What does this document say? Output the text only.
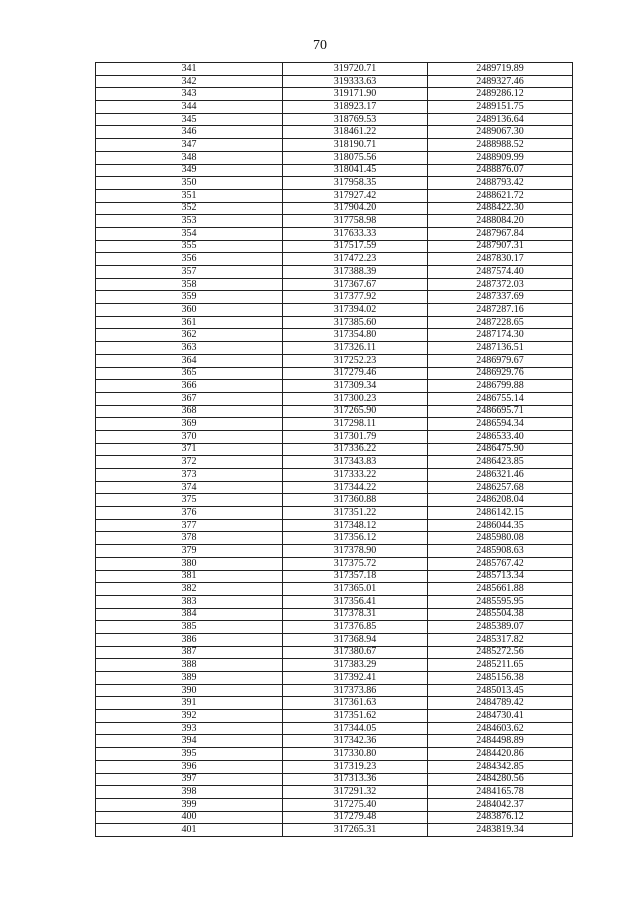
70
341	319720.71	2489719.89
342	319333.63	2489327.46
343	319171.90	2489286.12
344	318923.17	2489151.75
345	318769.53	2489136.64
346	318461.22	2489067.30
347	318190.71	2488988.52
348	318075.56	2488909.99
349	318041.45	2488876.07
350	317958.35	2488793.42
351	317927.42	2488621.72
352	317904.20	2488422.30
353	317758.98	2488084.20
354	317633.33	2487967.84
355	317517.59	2487907.31
356	317472.23	2487830.17
357	317388.39	2487574.40
358	317367.67	2487372.03
359	317377.92	2487337.69
360	317394.02	2487287.16
361	317385.60	2487228.65
362	317354.80	2487174.30
363	317326.11	2487136.51
364	317252.23	2486979.67
365	317279.46	2486929.76
366	317309.34	2486799.88
367	317300.23	2486755.14
368	317265.90	2486695.71
369	317298.11	2486594.34
370	317301.79	2486533.40
371	317336.22	2486475.90
372	317343.83	2486423.85
373	317333.22	2486321.46
374	317344.22	2486257.68
375	317360.88	2486208.04
376	317351.22	2486142.15
377	317348.12	2486044.35
378	317356.12	2485980.08
379	317378.90	2485908.63
380	317375.72	2485767.42
381	317357.18	2485713.34
382	317365.01	2485661.88
383	317356.41	2485595.95
384	317378.31	2485504.38
385	317376.85	2485389.07
386	317368.94	2485317.82
387	317380.67	2485272.56
388	317383.29	2485211.65
389	317392.41	2485156.38
390	317373.86	2485013.45
391	317361.63	2484789.42
392	317351.62	2484730.41
393	317344.05	2484603.62
394	317342.36	2484498.89
395	317330.80	2484420.86
396	317319.23	2484342.85
397	317313.36	2484280.56
398	317291.32	2484165.78
399	317275.40	2484042.37
400	317279.48	2483876.12
401	317265.31	2483819.34
